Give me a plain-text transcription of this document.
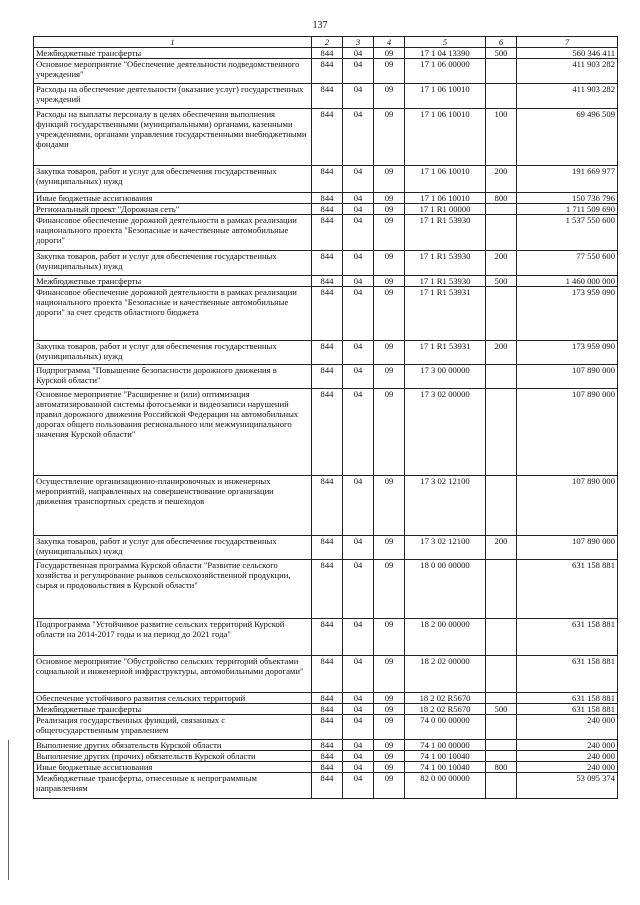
137
1	2	3	4	5	6	7
Межбюджетные трансферты	844	04	09	17 1 04 13390	500	560 346 411
Основное мероприятие "Обеспечение деятельности подведомственного учреждения"	844	04	09	17 1 06 00000		411 903 282
Расходы на обеспечение деятельности (оказание услуг) государственных учреждений	844	04	09	17 1 06 10010		411 903 282
Расходы на выплаты персоналу в целях обеспечения выполнения функций государственными (муниципальными) органами, казенными учреждениями, органами управления государственными внебюджетными фондами	844	04	09	17 1 06 10010	100	69 496 509
Закупка товаров, работ и услуг для обеспечения государственных (муниципальных) нужд	844	04	09	17 1 06 10010	200	191 669 977
Иные бюджетные ассигнования	844	04	09	17 1 06 10010	800	150 736 796
Региональный проект "Дорожная сеть"	844	04	09	17 1 R1 00000		1 711 509 690
Финансовое обеспечение дорожной деятельности в рамках реализации национального проекта "Безопасные и качественные автомобильные дороги"	844	04	09	17 1 R1 53930		1 537 550 600
Закупка товаров, работ и услуг для обеспечения государственных (муниципальных) нужд	844	04	09	17 1 R1 53930	200	77 550 600
Межбюджетные трансферты	844	04	09	17 1 R1 53930	500	1 460 000 000
Финансовое обеспечение дорожной деятельности в рамках реализации национального проекта "Безопасные и качественные автомобильные дороги" за счет средств областного бюджета	844	04	09	17 1 R1 53931		173 959 090
Закупка товаров, работ и услуг для обеспечения государственных (муниципальных) нужд	844	04	09	17 1 R1 53931	200	173 959 090
Подпрограмма "Повышение безопасности дорожного движения в Курской области"	844	04	09	17 3 00 00000		107 890 000
Основное мероприятие "Расширение и (или) оптимизация автоматизированной системы фотосъемки и видеозаписи нарушений правил дорожного движения Российской Федерации на автомобильных дорогах общего пользования регионального или межмуниципального значения Курской области"	844	04	09	17 3 02 00000		107 890 000
Осуществление организационно-планировочных и инженерных мероприятий, направленных на совершенствование организации движения транспортных средств и пешеходов	844	04	09	17 3 02 12100		107 890 000
Закупка товаров, работ и услуг для обеспечения государственных (муниципальных) нужд	844	04	09	17 3 02 12100	200	107 890 000
Государственная программа Курской области "Развитие сельского хозяйства и регулирование рынков сельскохозяйственной продукции, сырья и продовольствия в Курской области"	844	04	09	18 0 00 00000		631 158 881
Подпрограмма "Устойчивое развитие сельских территорий Курской области на 2014-2017 годы и на период до 2021 года"	844	04	09	18 2 00 00000		631 158 881
Основное мероприятие "Обустройство сельских территорий объектами социальной и инженерной инфраструктуры, автомобильными дорогами"	844	04	09	18 2 02 00000		631 158 881
Обеспечение устойчивого развития сельских территорий	844	04	09	18 2 02 R5670		631 158 881
Межбюджетные трансферты	844	04	09	18 2 02 R5670	500	631 158 881
Реализация государственных функций, связанных с общегосударственным управлением	844	04	09	74 0 00 00000		240 000
Выполнение других обязательств Курской области	844	04	09	74 1 00 00000		240 000
Выполнение других (прочих) обязательств Курской области	844	04	09	74 1 00 10040		240 000
Иные бюджетные ассигнования	844	04	09	74 1 00 10040	800	240 000
Межбюджетные трансферты, отнесенные к непрограммным направлениям	844	04	09	82 0 00 00000		53 095 374
